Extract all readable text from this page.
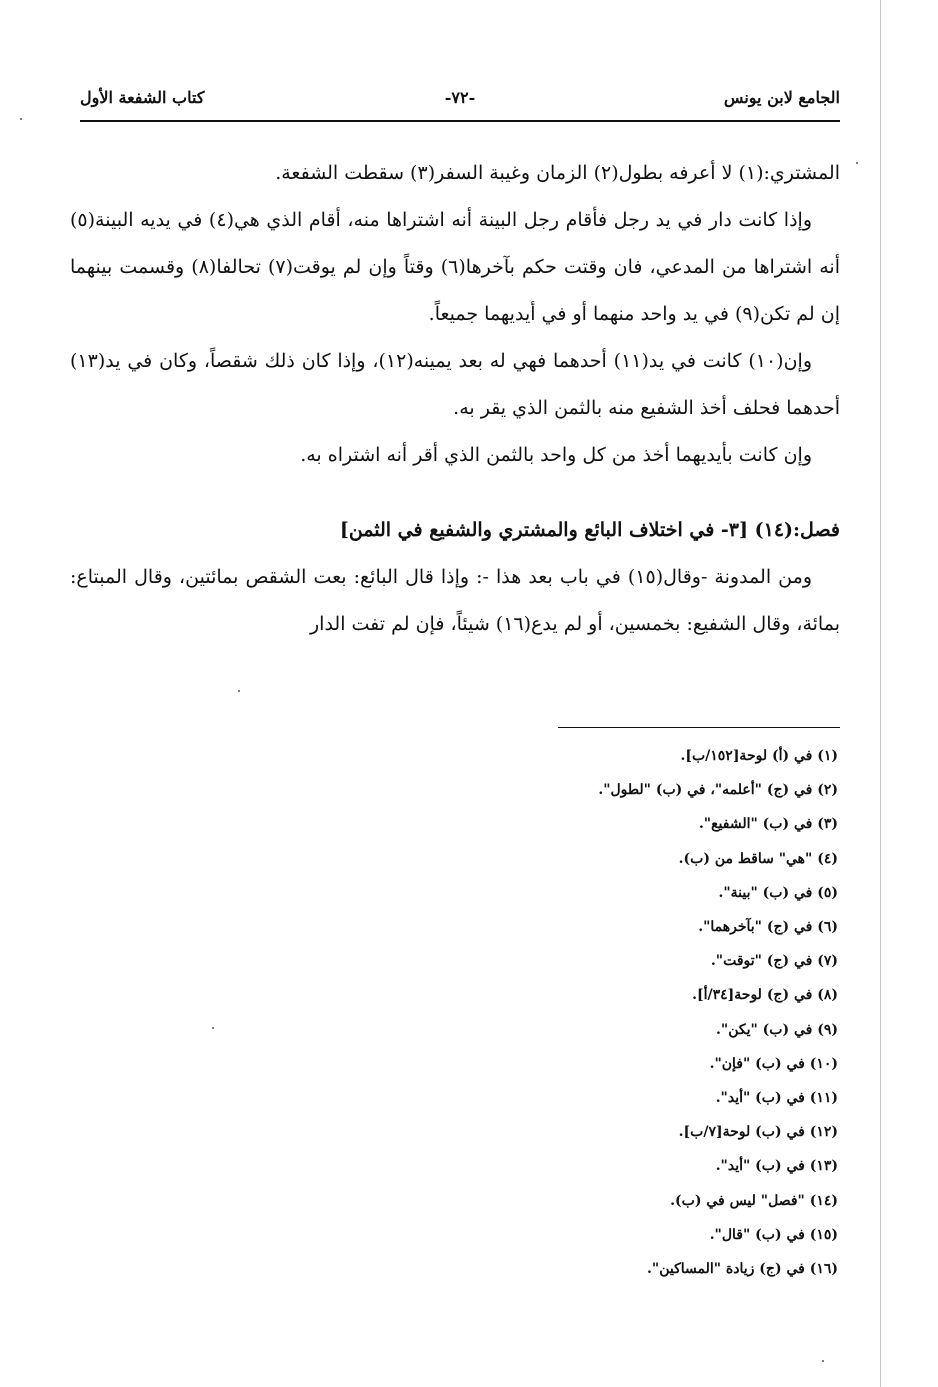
الجامع لابن يونس
-٧٢-
كتاب الشفعة الأول

المشتري:(١) لا أعرفه بطول(٢) الزمان وغيبة السفر(٣) سقطت الشفعة.

وإذا كانت دار في يد رجل فأقام رجل البينة أنه اشتراها منه، أقام الذي هي(٤) في يديه البينة(٥) أنه اشتراها من المدعي، فان وقتت حكم بآخرها(٦) وقتاً وإن لم يوقت(٧) تحالفا(٨) وقسمت بينهما إن لم تكن(٩) في يد واحد منهما أو في أيديهما جميعاً.

وإن(١٠) كانت في يد(١١) أحدهما فهي له بعد يمينه(١٢)، وإذا كان ذلك شقصاً، وكان في يد(١٣) أحدهما فحلف أخذ الشفيع منه بالثمن الذي يقر به.

وإن كانت بأيديهما أخذ من كل واحد بالثمن الذي أقر أنه اشتراه به.

فصل:(١٤) [٣- في اختلاف البائع والمشتري والشفيع في الثمن]

ومن المدونة -وقال(١٥) في باب بعد هذا -: وإذا قال البائع: بعت الشقص بمائتين، وقال المبتاع: بمائة، وقال الشفيع: بخمسين، أو لم يدع(١٦) شيئاً، فإن لم تفت الدار

(١) في (أ) لوحة[١٥٢/ب].
(٢) في (ج) "أعلمه"، في (ب) "لطول".
(٣) في (ب) "الشفيع".
(٤) "هي" ساقط من (ب).
(٥) في (ب) "بينة".
(٦) في (ج) "بآخرهما".
(٧) في (ج) "توقت".
(٨) في (ج) لوحة[٣٤/أ].
(٩) في (ب) "يكن".
(١٠) في (ب) "فإن".
(١١) في (ب) "أيد".
(١٢) في (ب) لوحة[٧/ب].
(١٣) في (ب) "أيد".
(١٤) "فصل" ليس في (ب).
(١٥) في (ب) "قال".
(١٦) في (ج) زيادة "المساكين".
